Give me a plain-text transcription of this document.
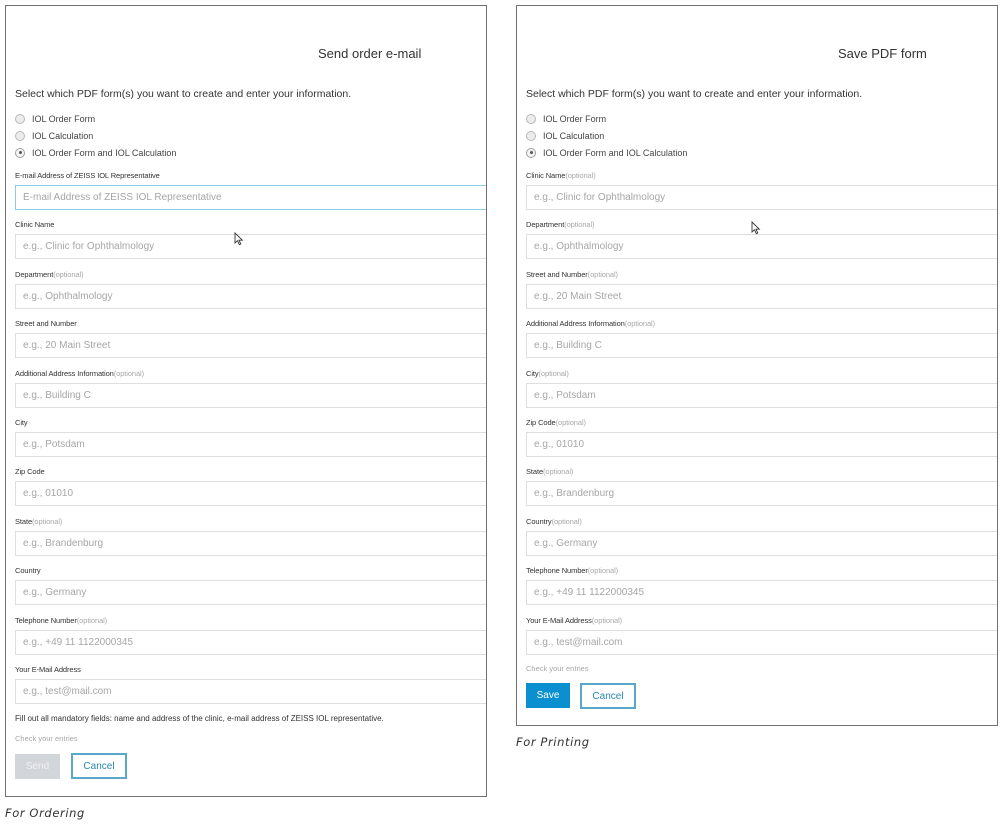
Send order e-mail
Select which PDF form(s) you want to create and enter your information.
IOL Order Form
IOL Calculation
IOL Order Form and IOL Calculation
E-mail Address of ZEISS IOL Representative
E-mail Address of ZEISS IOL Representative
Clinic Name
e.g., Clinic for Ophthalmology
Department(optional)
e.g., Ophthalmology
Street and Number
e.g., 20 Main Street
Additional Address Information(optional)
e.g., Building C
City
e.g., Potsdam
Zip Code
e.g., 01010
State(optional)
e.g., Brandenburg
Country
e.g., Germany
Telephone Number(optional)
e.g., +49 11 1122000345
Your E-Mail Address
e.g., test@mail.com
Fill out all mandatory fields: name and address of the clinic, e-mail address of ZEISS IOL representative.
Check your entries
Send	Cancel
Save PDF form
Select which PDF form(s) you want to create and enter your information.
IOL Order Form
IOL Calculation
IOL Order Form and IOL Calculation
Clinic Name(optional)
e.g., Clinic for Ophthalmology
Department(optional)
e.g., Ophthalmology
Street and Number(optional)
e.g., 20 Main Street
Additional Address Information(optional)
e.g., Building C
City(optional)
e.g., Potsdam
Zip Code(optional)
e.g., 01010
State(optional)
e.g., Brandenburg
Country(optional)
e.g., Germany
Telephone Number(optional)
e.g., +49 11 1122000345
Your E-Mail Address(optional)
e.g., test@mail.com
Check your entries
Save	Cancel
For Ordering
For Printing
